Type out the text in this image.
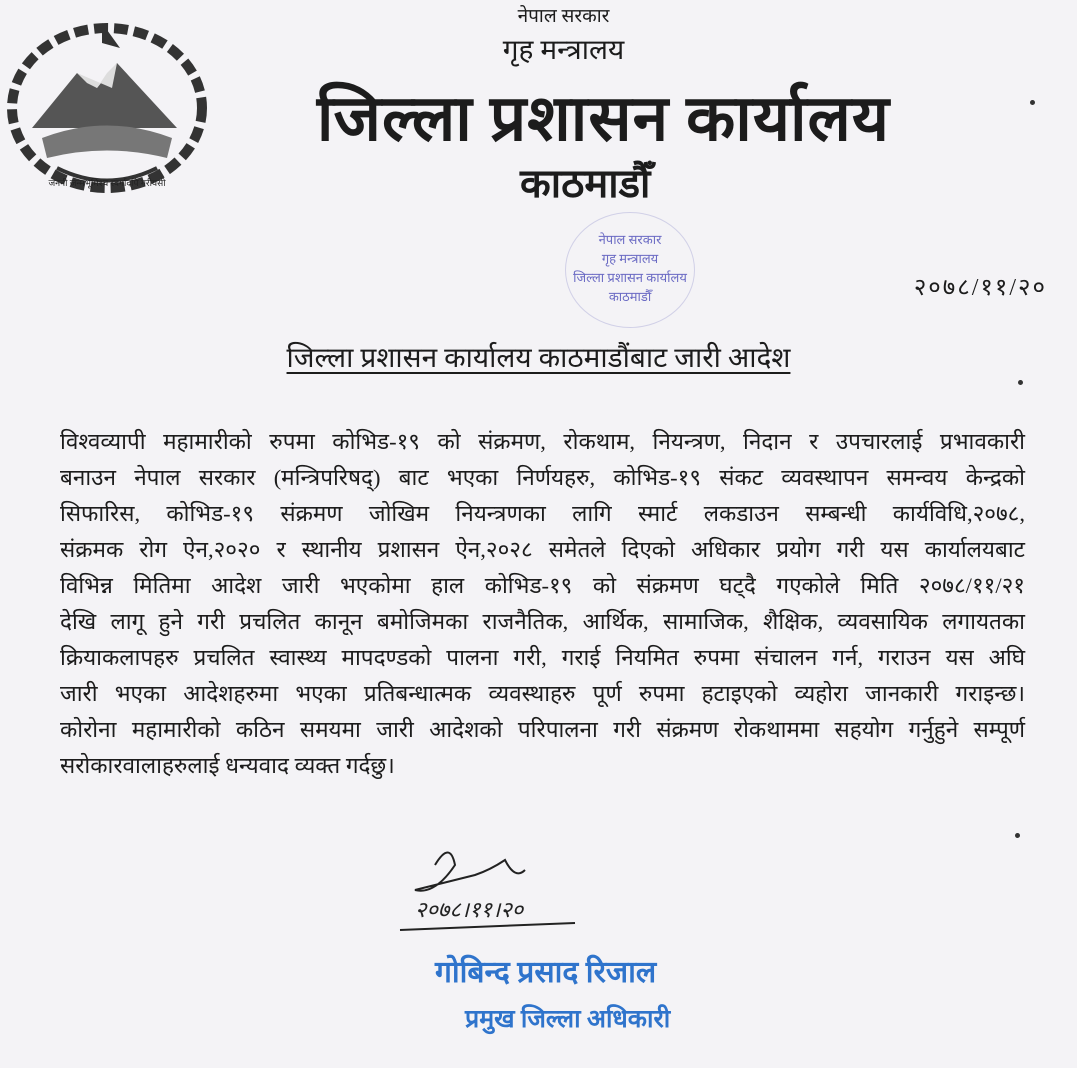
जननी जन्मभूमिश्च स्वर्गादपि गरीयसी
नेपाल सरकार
गृह मन्त्रालय
जिल्ला प्रशासन कार्यालय
काठमाडौँ
नेपाल सरकार
गृह मन्त्रालय
जिल्ला प्रशासन कार्यालय
काठमाडौँ	२०७८/११/२०
जिल्ला प्रशासन कार्यालय काठमाडौंबाट जारी आदेश
विश्वव्यापी महामारीको रुपमा कोभिड-१९ को संक्रमण, रोकथाम, नियन्त्रण, निदान र उपचारलाई प्रभावकारी
बनाउन नेपाल सरकार (मन्त्रिपरिषद्) बाट भएका निर्णयहरु, कोभिड-१९ संकट व्यवस्थापन समन्वय केन्द्रको
सिफारिस, कोभिड-१९ संक्रमण जोखिम नियन्त्रणका लागि स्मार्ट लकडाउन सम्बन्धी कार्यविधि,२०७८,
संक्रमक रोग ऐन,२०२० र स्थानीय प्रशासन ऐन,२०२८ समेतले दिएको अधिकार प्रयोग गरी यस कार्यालयबाट
विभिन्न मितिमा आदेश जारी भएकोमा हाल कोभिड-१९ को संक्रमण घट्दै गएकोले मिति २०७८/११/२१
देखि लागू हुने गरी प्रचलित कानून बमोजिमका राजनैतिक, आर्थिक, सामाजिक, शैक्षिक, व्यवसायिक लगायतका
क्रियाकलापहरु प्रचलित स्वास्थ्य मापदण्डको पालना गरी, गराई नियमित रुपमा संचालन गर्न, गराउन यस अघि
जारी भएका आदेशहरुमा भएका प्रतिबन्धात्मक व्यवस्थाहरु पूर्ण रुपमा हटाइएको व्यहोरा जानकारी गराइन्छ।
कोरोना महामारीको कठिन समयमा जारी आदेशको परिपालना गरी संक्रमण रोकथाममा सहयोग गर्नुहुने सम्पूर्ण
सरोकारवालाहरुलाई धन्यवाद व्यक्त गर्दछु।
२०७८।११।२०
गोबिन्द प्रसाद रिजाल
प्रमुख जिल्ला अधिकारी
